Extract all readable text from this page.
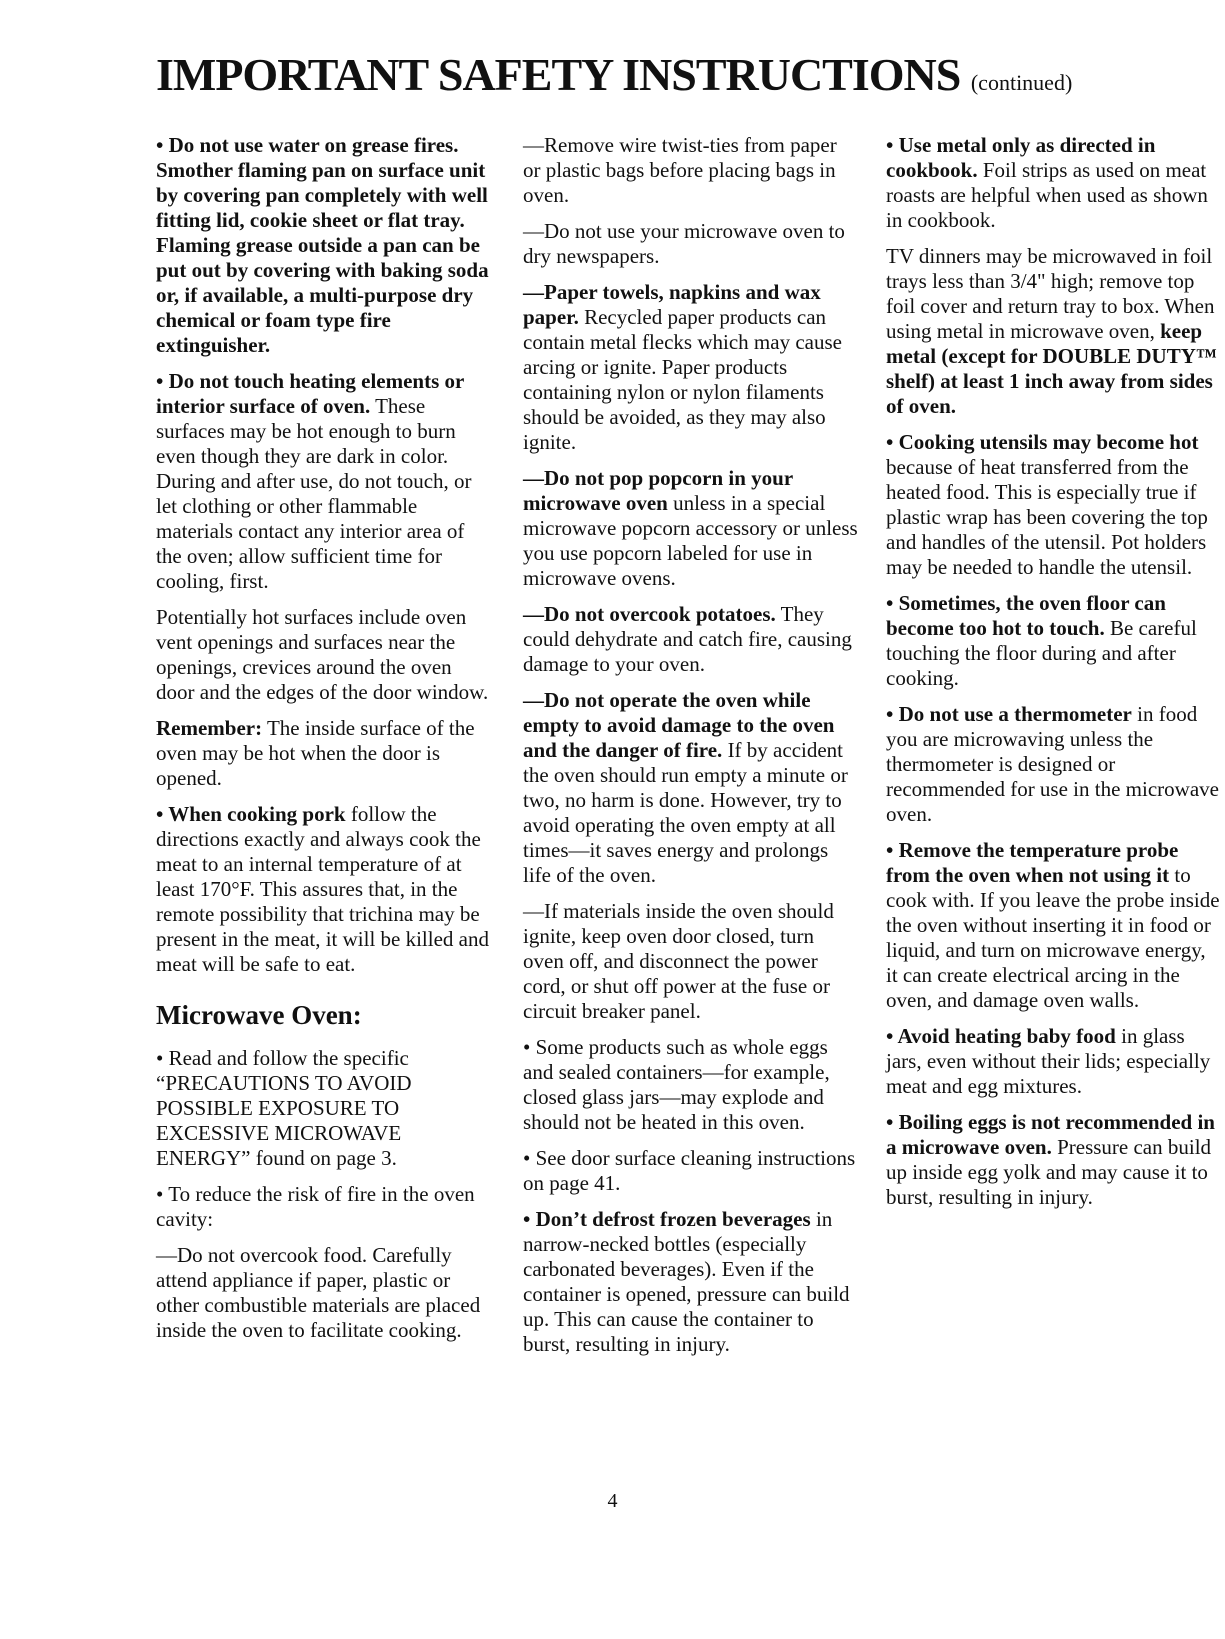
IMPORTANT SAFETY INSTRUCTIONS (continued)

• Do not use water on grease fires. Smother flaming pan on surface unit by covering pan completely with well fitting lid, cookie sheet or flat tray. Flaming grease outside a pan can be put out by covering with baking soda or, if available, a multi-purpose dry chemical or foam type fire extinguisher.

• Do not touch heating elements or interior surface of oven. These surfaces may be hot enough to burn even though they are dark in color. During and after use, do not touch, or let clothing or other flammable materials contact any interior area of the oven; allow sufficient time for cooling, first.

Potentially hot surfaces include oven vent openings and surfaces near the openings, crevices around the oven door and the edges of the door window.

Remember: The inside surface of the oven may be hot when the door is opened.

• When cooking pork follow the directions exactly and always cook the meat to an internal temperature of at least 170°F. This assures that, in the remote possibility that trichina may be present in the meat, it will be killed and meat will be safe to eat.

Microwave Oven:

• Read and follow the specific “PRECAUTIONS TO AVOID POSSIBLE EXPOSURE TO EXCESSIVE MICROWAVE ENERGY” found on page 3.

• To reduce the risk of fire in the oven cavity:

—Do not overcook food. Carefully attend appliance if paper, plastic or other combustible materials are placed inside the oven to facilitate cooking.

—Remove wire twist-ties from paper or plastic bags before placing bags in oven.

—Do not use your microwave oven to dry newspapers.

—Paper towels, napkins and wax paper. Recycled paper products can contain metal flecks which may cause arcing or ignite. Paper products containing nylon or nylon filaments should be avoided, as they may also ignite.

—Do not pop popcorn in your microwave oven unless in a special microwave popcorn accessory or unless you use popcorn labeled for use in microwave ovens.

—Do not overcook potatoes. They could dehydrate and catch fire, causing damage to your oven.

—Do not operate the oven while empty to avoid damage to the oven and the danger of fire. If by accident the oven should run empty a minute or two, no harm is done. However, try to avoid operating the oven empty at all times—it saves energy and prolongs life of the oven.

—If materials inside the oven should ignite, keep oven door closed, turn oven off, and disconnect the power cord, or shut off power at the fuse or circuit breaker panel.

• Some products such as whole eggs and sealed containers—for example, closed glass jars—may explode and should not be heated in this oven.

• See door surface cleaning instructions on page 41.

• Don’t defrost frozen beverages in narrow-necked bottles (especially carbonated beverages). Even if the container is opened, pressure can build up. This can cause the container to burst, resulting in injury.

• Use metal only as directed in cookbook. Foil strips as used on meat roasts are helpful when used as shown in cookbook.

TV dinners may be microwaved in foil trays less than 3/4" high; remove top foil cover and return tray to box. When using metal in microwave oven, keep metal (except for DOUBLE DUTY™ shelf) at least 1 inch away from sides of oven.

• Cooking utensils may become hot because of heat transferred from the heated food. This is especially true if plastic wrap has been covering the top and handles of the utensil. Pot holders may be needed to handle the utensil.

• Sometimes, the oven floor can become too hot to touch. Be careful touching the floor during and after cooking.

• Do not use a thermometer in food you are microwaving unless the thermometer is designed or recommended for use in the microwave oven.

• Remove the temperature probe from the oven when not using it to cook with. If you leave the probe inside the oven without inserting it in food or liquid, and turn on microwave energy, it can create electrical arcing in the oven, and damage oven walls.

• Avoid heating baby food in glass jars, even without their lids; especially meat and egg mixtures.

• Boiling eggs is not recommended in a microwave oven. Pressure can build up inside egg yolk and may cause it to burst, resulting in injury.

4
